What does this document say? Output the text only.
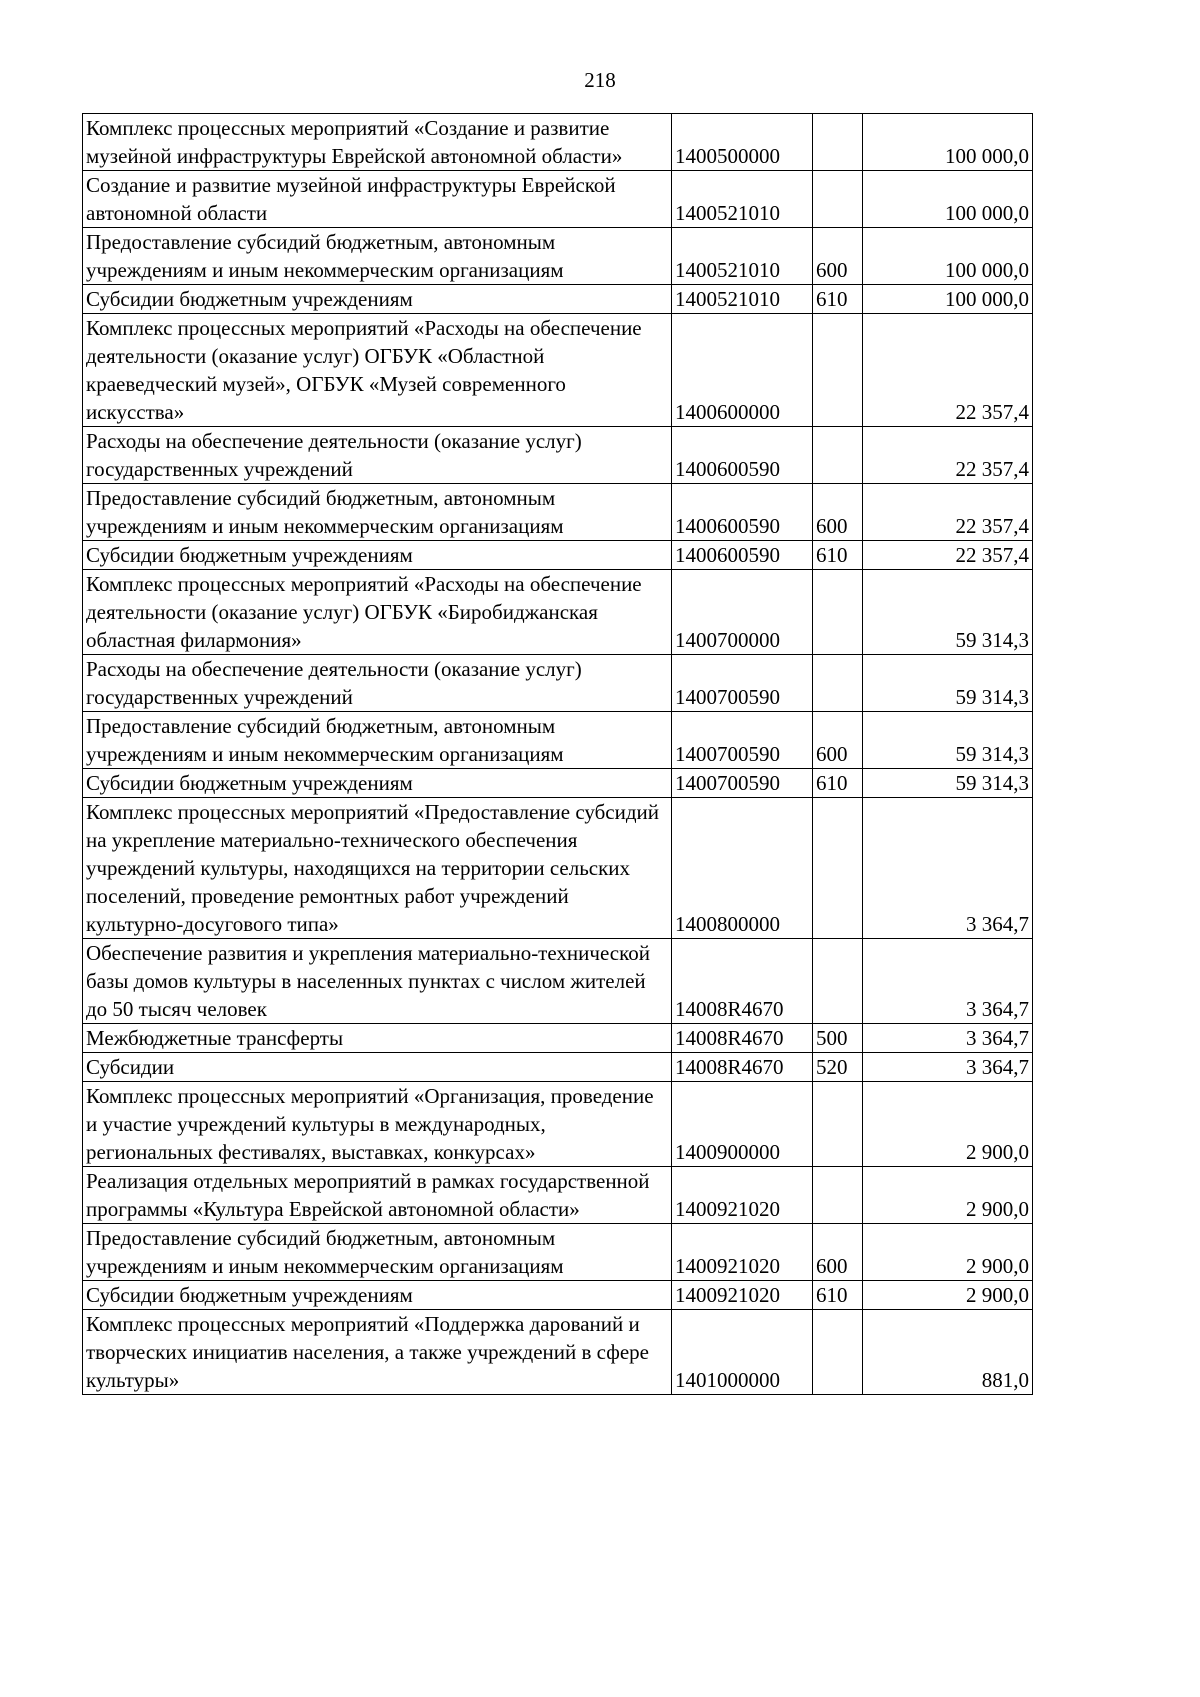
218
Комплекс процессных мероприятий «Создание и развитие музейной инфраструктуры Еврейской автономной области»	1400500000		100 000,0
Создание и развитие музейной инфраструктуры Еврейской автономной области	1400521010		100 000,0
Предоставление субсидий бюджетным, автономным учреждениям и иным некоммерческим организациям	1400521010	600	100 000,0
Субсидии бюджетным учреждениям	1400521010	610	100 000,0
Комплекс процессных мероприятий «Расходы на обеспечение деятельности (оказание услуг) ОГБУК «Областной краеведческий музей», ОГБУК «Музей современного искусства»	1400600000		22 357,4
Расходы на обеспечение деятельности (оказание услуг) государственных учреждений	1400600590		22 357,4
Предоставление субсидий бюджетным, автономным учреждениям и иным некоммерческим организациям	1400600590	600	22 357,4
Субсидии бюджетным учреждениям	1400600590	610	22 357,4
Комплекс процессных мероприятий «Расходы на обеспечение деятельности (оказание услуг) ОГБУК «Биробиджанская областная филармония»	1400700000		59 314,3
Расходы на обеспечение деятельности (оказание услуг) государственных учреждений	1400700590		59 314,3
Предоставление субсидий бюджетным, автономным учреждениям и иным некоммерческим организациям	1400700590	600	59 314,3
Субсидии бюджетным учреждениям	1400700590	610	59 314,3
Комплекс процессных мероприятий «Предоставление субсидий на укрепление материально-технического обеспечения учреждений культуры, находящихся на территории сельских поселений, проведение ремонтных работ учреждений культурно-досугового типа»	1400800000		3 364,7
Обеспечение развития и укрепления материально-технической базы домов культуры в населенных пунктах с числом жителей до 50 тысяч человек	14008R4670		3 364,7
Межбюджетные трансферты	14008R4670	500	3 364,7
Субсидии	14008R4670	520	3 364,7
Комплекс процессных мероприятий «Организация, проведение и участие учреждений культуры в международных, региональных фестивалях, выставках, конкурсах»	1400900000		2 900,0
Реализация отдельных мероприятий в рамках государственной программы «Культура Еврейской автономной области»	1400921020		2 900,0
Предоставление субсидий бюджетным, автономным учреждениям и иным некоммерческим организациям	1400921020	600	2 900,0
Субсидии бюджетным учреждениям	1400921020	610	2 900,0
Комплекс процессных мероприятий «Поддержка дарований и творческих инициатив населения, а также учреждений в сфере культуры»	1401000000		881,0
